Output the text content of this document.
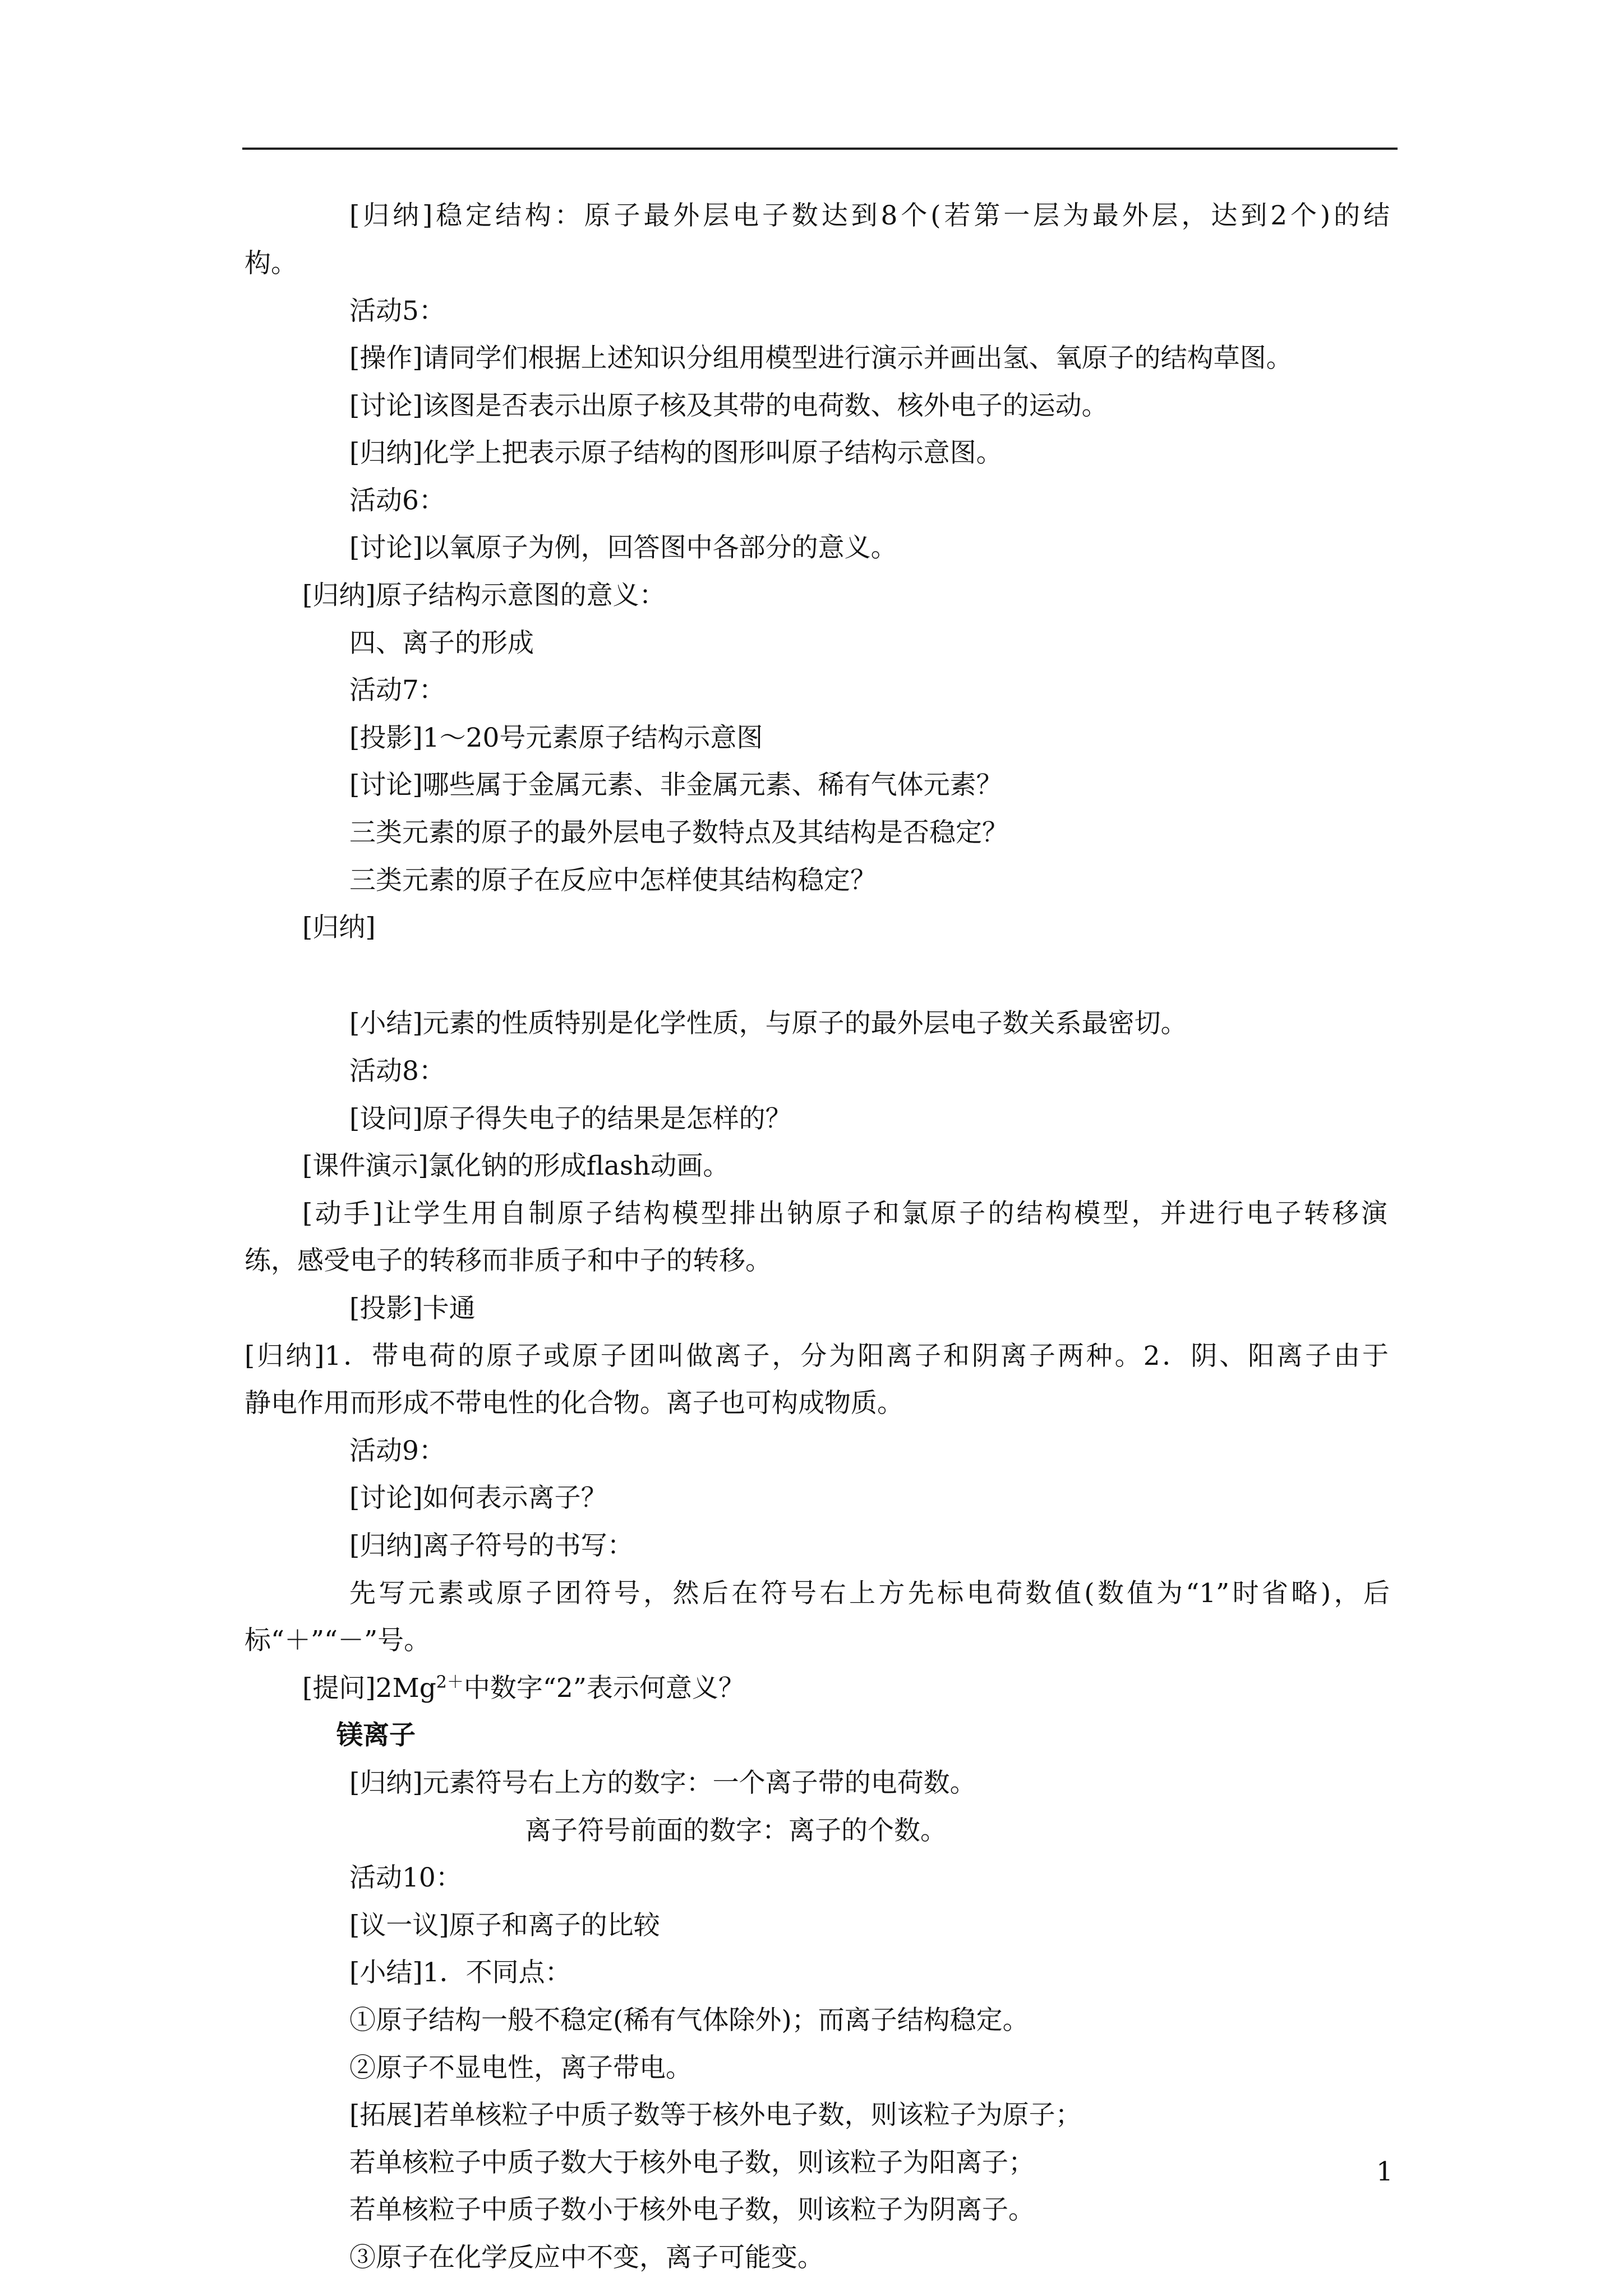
[归纳]稳定结构：原子最外层电子数达到8个(若第一层为最外层，达到2个)的结
构。
活动5：
[操作]请同学们根据上述知识分组用模型进行演示并画出氢、氧原子的结构草图。
[讨论]该图是否表示出原子核及其带的电荷数、核外电子的运动。
[归纳]化学上把表示原子结构的图形叫原子结构示意图。
活动6：
[讨论]以氧原子为例，回答图中各部分的意义。
[归纳]原子结构示意图的意义：
四、离子的形成
活动7：
[投影]1～20号元素原子结构示意图
[讨论]哪些属于金属元素、非金属元素、稀有气体元素？
三类元素的原子的最外层电子数特点及其结构是否稳定？
三类元素的原子在反应中怎样使其结构稳定？
[归纳]
[小结]元素的性质特别是化学性质，与原子的最外层电子数关系最密切。
活动8：
[设问]原子得失电子的结果是怎样的？
[课件演示]氯化钠的形成flash动画。
[动手]让学生用自制原子结构模型排出钠原子和氯原子的结构模型，并进行电子转移演
练，感受电子的转移而非质子和中子的转移。
[投影]卡通
[归纳]1．带电荷的原子或原子团叫做离子，分为阳离子和阴离子两种。2．阴、阳离子由于
静电作用而形成不带电性的化合物。离子也可构成物质。
活动9：
[讨论]如何表示离子？
[归纳]离子符号的书写：
先写元素或原子团符号，然后在符号右上方先标电荷数值(数值为“1”时省略)，后
标“＋”“－”号。
[提问]$2Mg^{2+}$中数字“2”表示何意义？
镁离子
[归纳]元素符号右上方的数字：一个离子带的电荷数。
离子符号前面的数字：离子的个数。
活动10：
[议一议]原子和离子的比较
[小结]1．不同点：
①原子结构一般不稳定(稀有气体除外)；而离子结构稳定。
②原子不显电性，离子带电。
[拓展]若单核粒子中质子数等于核外电子数，则该粒子为原子；
若单核粒子中质子数大于核外电子数，则该粒子为阳离子；
若单核粒子中质子数小于核外电子数，则该粒子为阴离子。
③原子在化学反应中不变，离子可能变。
1
